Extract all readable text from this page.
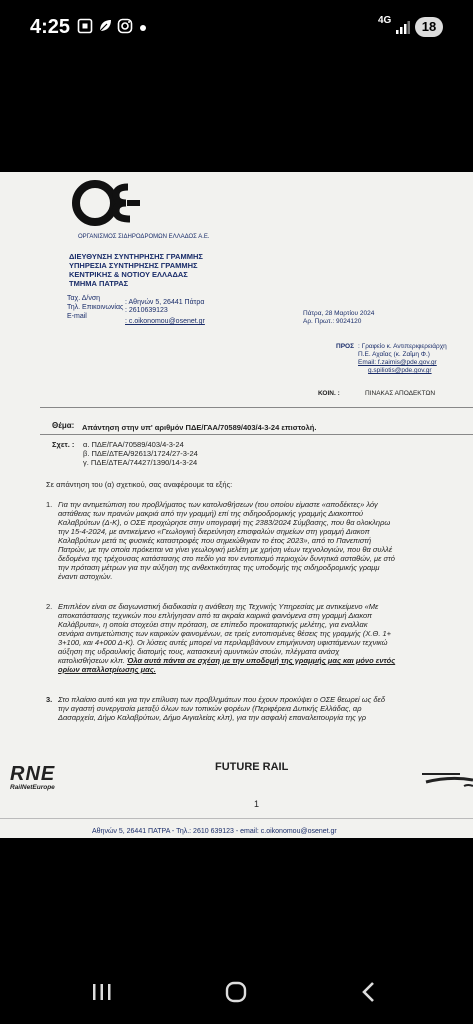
4:25	4G	18
ΟΡΓΑΝΙΣΜΟΣ ΣΙΔΗΡΟΔΡΟΜΩΝ ΕΛΛΑΔΟΣ Α.Ε.
ΔΙΕΥΘΥΝΣΗ ΣΥΝΤΗΡΗΣΗΣ ΓΡΑΜΜΗΣ
ΥΠΗΡΕΣΙΑ ΣΥΝΤΗΡΗΣΗΣ ΓΡΑΜΜΗΣ
ΚΕΝΤΡΙΚΗΣ & ΝΟΤΙΟΥ ΕΛΛΑΔΑΣ
ΤΜΗΜΑ ΠΑΤΡΑΣ
Ταχ. Δ/νση
: Αθηνών 5, 26441 Πάτρα
Τηλ. Επικοινωνίας : 2610639123
E-mail
: c.oikonomou@osenet.gr
Πάτρα, 28 Μαρτίου 2024
Αρ. Πρωτ.: 9024120
ΠΡΟΣ : Γραφείο κ. Αντιπεριφερειάρχη
Π.Ε. Αχαΐας (κ. Ζαΐμη Φ.)
Email: f.zaimis@pde.gov.gr
g.spiliotis@pde.gov.gr
ΚΟΙΝ. :	ΠΙΝΑΚΑΣ ΑΠΟΔΕΚΤΩΝ
Θέμα: Απάντηση στην υπ' αριθμόν ΠΔΕ/ΓΑΑ/70589/403/4-3-24 επιστολή.
Σχετ. : α. ΠΔΕ/ΓΑΑ/70589/403/4-3-24
β. ΠΔΕ/ΔΤΕΑ/92613/1724/27-3-24
γ. ΠΔΕ/ΔΤΕΑ/74427/1390/14-3-24
Σε απάντηση του (α) σχετικού, σας αναφέρουμε τα εξής:
1. Για την αντιμετώπιση του προβλήματος των κατολισθήσεων (του οποίου είμαστε «αποδέκτες» λόγ
αστάθειας των πρανών μακριά από την γραμμή) επί της σιδηροδρομικής γραμμής Διακοπτού
Καλαβρύτων (Δ-Κ), ο ΟΣΕ προχώρησε στην υπογραφή της 2383/2024 Σύμβασης, που θα ολοκληρω
την 15-4-2024, με αντικείμενο «Γεωλογική διερεύνηση επισφαλών σημείων στη γραμμή Διακοπ
Καλαβρύτων μετά τις φυσικές καταστροφές που σημειώθηκαν το έτος 2023», από το Πανεπιστή
Πατρών, με την οποία πρόκειται να γίνει γεωλογική μελέτη με χρήση νέων τεχνολογιών, που θα συλλέ
δεδομένα της τρέχουσας κατάστασης στο πεδίο για τον εντοπισμό περιοχών δυνητικά ασταθών, με στό
την πρόταση μέτρων για την αύξηση της ανθεκτικότητας της υποδομής της σιδηροδρομικής γραμμ
έναντι αστοχιών.
2. Επιπλέον είναι σε διαγωνιστική διαδικασία η ανάθεση της Τεχνικής Υπηρεσίας με αντικείμενο «Με
αποκατάστασης τεχνικών που επλήγησαν από τα ακραία καιρικά φαινόμενα στη γραμμή Διακοπ
Καλάβρυτα», η οποία στοχεύει στην πρόταση, σε επίπεδο προκαταρτικής μελέτης, για εναλλακ
σενάρια αντιμετώπισης των καιρικών φαινομένων, σε τρείς εντοπισμένες θέσεις της γραμμής (Χ.Θ. 1+
3+100, και 4+000 Δ-Κ). Οι λύσεις αυτές μπορεί να περιλαμβάνουν επιμήκυνση υφιστάμενων τεχνικώ
αύξηση της υδραυλικής διατομής τους, κατασκευή αμυντικών στοών, πλέγματα ανάσχ
κατολισθήσεων κλπ. Όλα αυτά πάντα σε σχέση με την υποδομή της γραμμής μας και μόνο εντός
ορίων απαλλοτρίωσης μας.
3. Στο πλαίσιο αυτό και για την επίλυση των προβλημάτων που έχουν προκύψει ο ΟΣΕ θεωρεί ως δεδ
την αγαστή συνεργασία μεταξύ όλων των τοπικών φορέων (Περιφέρεια Δυτικής Ελλάδας, αρ
Δασαρχεία, Δήμο Καλαβρύτων, Δήμο Αιγιαλείας κλπ), για την ασφαλή επαναλειτουργία της γρ
RNE
RailNetEurope
FUTURE RAIL
1
Αθηνών 5, 26441 ΠΑΤΡΑ - Τηλ.: 2610 639123 - email: c.oikonomou@osenet.gr
